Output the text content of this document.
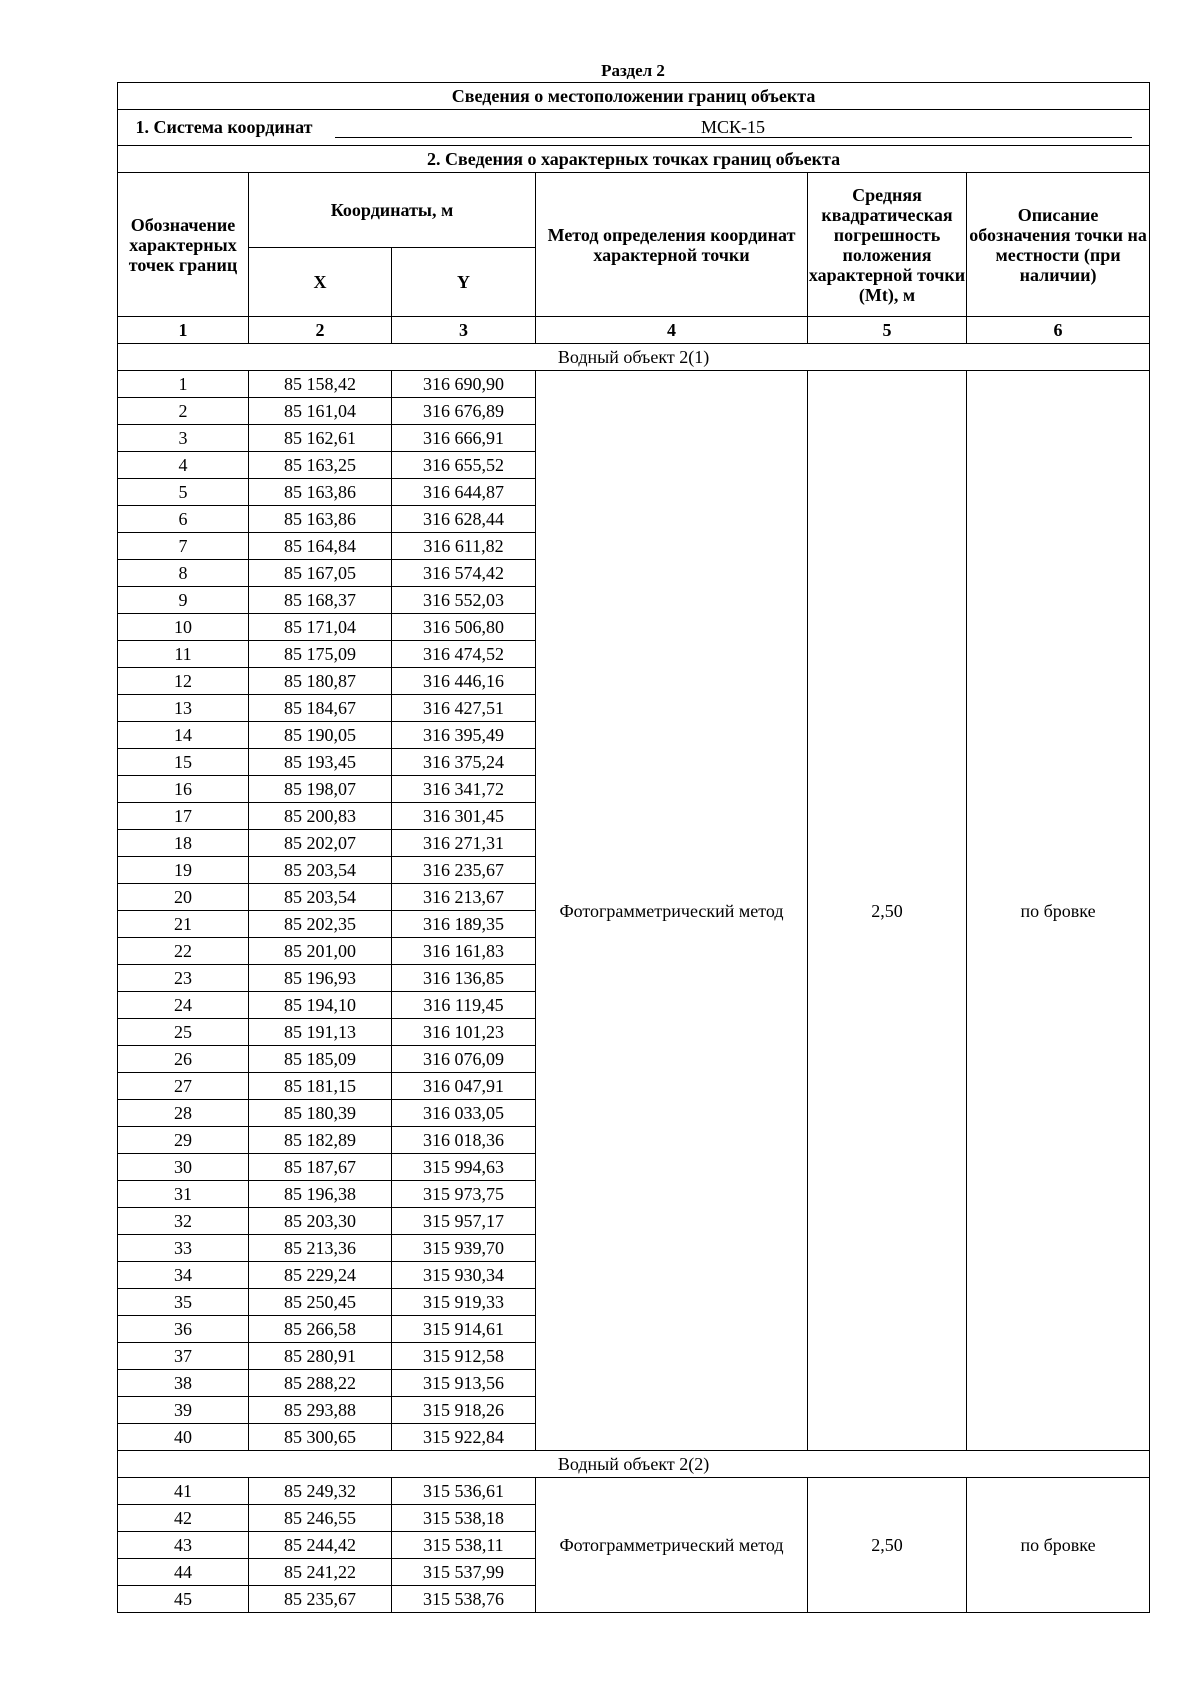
Раздел 2
Сведения о местоположении границ объекта					
1. Система координат МСК-15					
2. Сведения о характерных точках границ объекта					
Обозначение характерных точек границ	Координаты, м		Метод определения координат характерной точки	Средняя квадратическая погрешность положения характерной точки (Mt), м	Описание обозначения точки на местности (при наличии)
	X	Y			
1	2	3	4	5	6
Водный объект 2(1)					
1	85 158,42	316 690,90	Фотограмметрический метод	2,50	по бровке
2	85 161,04	316 676,89			
3	85 162,61	316 666,91			
4	85 163,25	316 655,52			
5	85 163,86	316 644,87			
6	85 163,86	316 628,44			
7	85 164,84	316 611,82			
8	85 167,05	316 574,42			
9	85 168,37	316 552,03			
10	85 171,04	316 506,80			
11	85 175,09	316 474,52			
12	85 180,87	316 446,16			
13	85 184,67	316 427,51			
14	85 190,05	316 395,49			
15	85 193,45	316 375,24			
16	85 198,07	316 341,72			
17	85 200,83	316 301,45			
18	85 202,07	316 271,31			
19	85 203,54	316 235,67			
20	85 203,54	316 213,67			
21	85 202,35	316 189,35			
22	85 201,00	316 161,83			
23	85 196,93	316 136,85			
24	85 194,10	316 119,45			
25	85 191,13	316 101,23			
26	85 185,09	316 076,09			
27	85 181,15	316 047,91			
28	85 180,39	316 033,05			
29	85 182,89	316 018,36			
30	85 187,67	315 994,63			
31	85 196,38	315 973,75			
32	85 203,30	315 957,17			
33	85 213,36	315 939,70			
34	85 229,24	315 930,34			
35	85 250,45	315 919,33			
36	85 266,58	315 914,61			
37	85 280,91	315 912,58			
38	85 288,22	315 913,56			
39	85 293,88	315 918,26			
40	85 300,65	315 922,84			
Водный объект 2(2)					
41	85 249,32	315 536,61	Фотограмметрический метод	2,50	по бровке
42	85 246,55	315 538,18			
43	85 244,42	315 538,11			
44	85 241,22	315 537,99			
45	85 235,67	315 538,76			
